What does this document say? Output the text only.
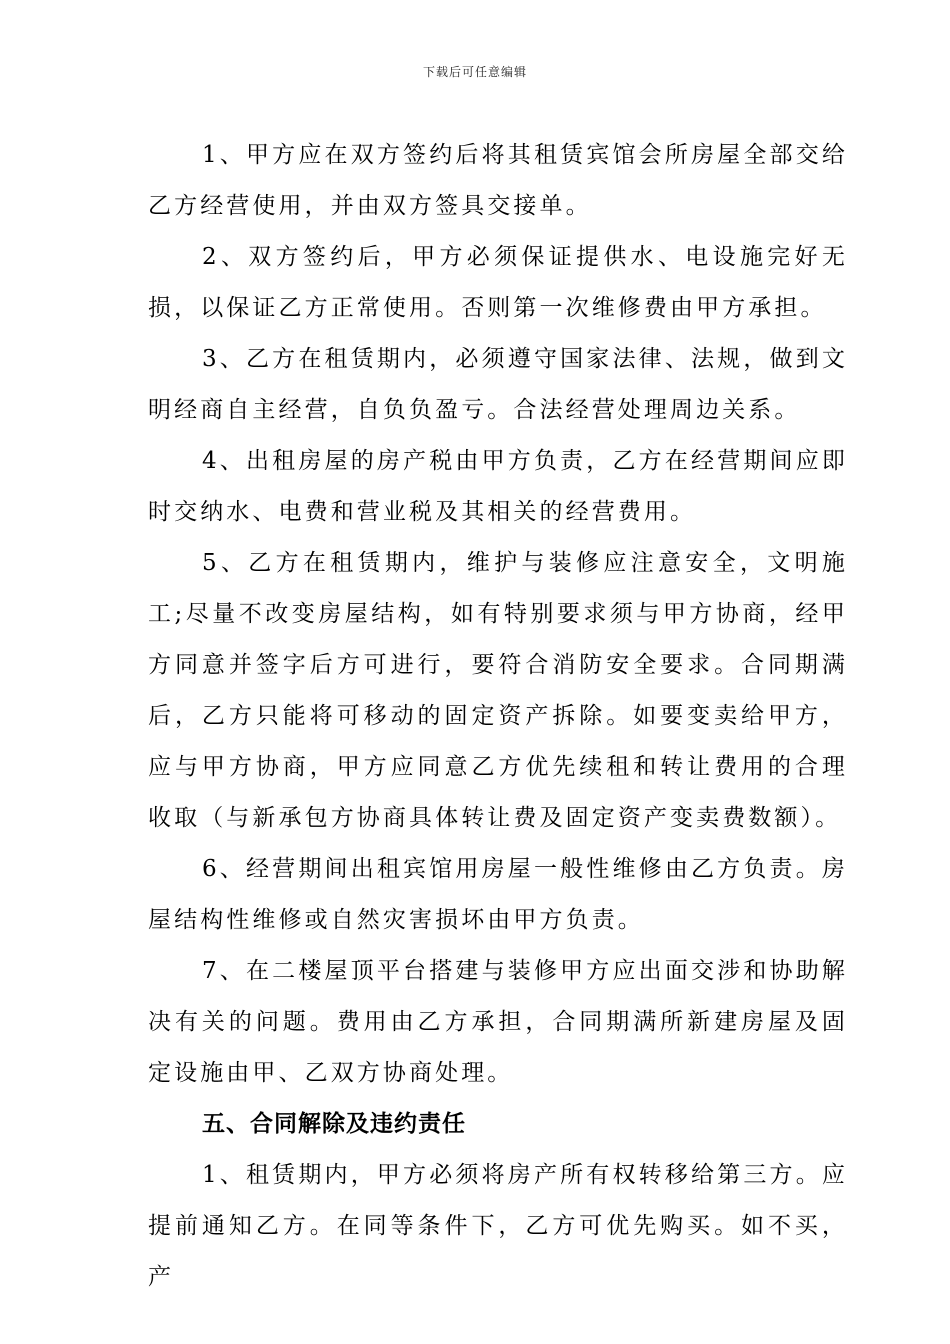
下载后可任意编辑

1、甲方应在双方签约后将其租赁宾馆会所房屋全部交给乙方经营使用，并由双方签具交接单。

2、双方签约后，甲方必须保证提供水、电设施完好无损，以保证乙方正常使用。否则第一次维修费由甲方承担。

3、乙方在租赁期内，必须遵守国家法律、法规，做到文明经商自主经营，自负负盈亏。合法经营处理周边关系。

4、出租房屋的房产税由甲方负责，乙方在经营期间应即时交纳水、电费和营业税及其相关的经营费用。

5、乙方在租赁期内，维护与装修应注意安全，文明施工;尽量不改变房屋结构，如有特别要求须与甲方协商，经甲方同意并签字后方可进行，要符合消防安全要求。合同期满后，乙方只能将可移动的固定资产拆除。如要变卖给甲方，应与甲方协商，甲方应同意乙方优先续租和转让费用的合理收取（与新承包方协商具体转让费及固定资产变卖费数额）。

6、经营期间出租宾馆用房屋一般性维修由乙方负责。房屋结构性维修或自然灾害损坏由甲方负责。

7、在二楼屋顶平台搭建与装修甲方应出面交涉和协助解决有关的问题。费用由乙方承担，合同期满所新建房屋及固定设施由甲、乙双方协商处理。

五、合同解除及违约责任

1、租赁期内，甲方必须将房产所有权转移给第三方。应提前通知乙方。在同等条件下，乙方可优先购买。如不买，产
